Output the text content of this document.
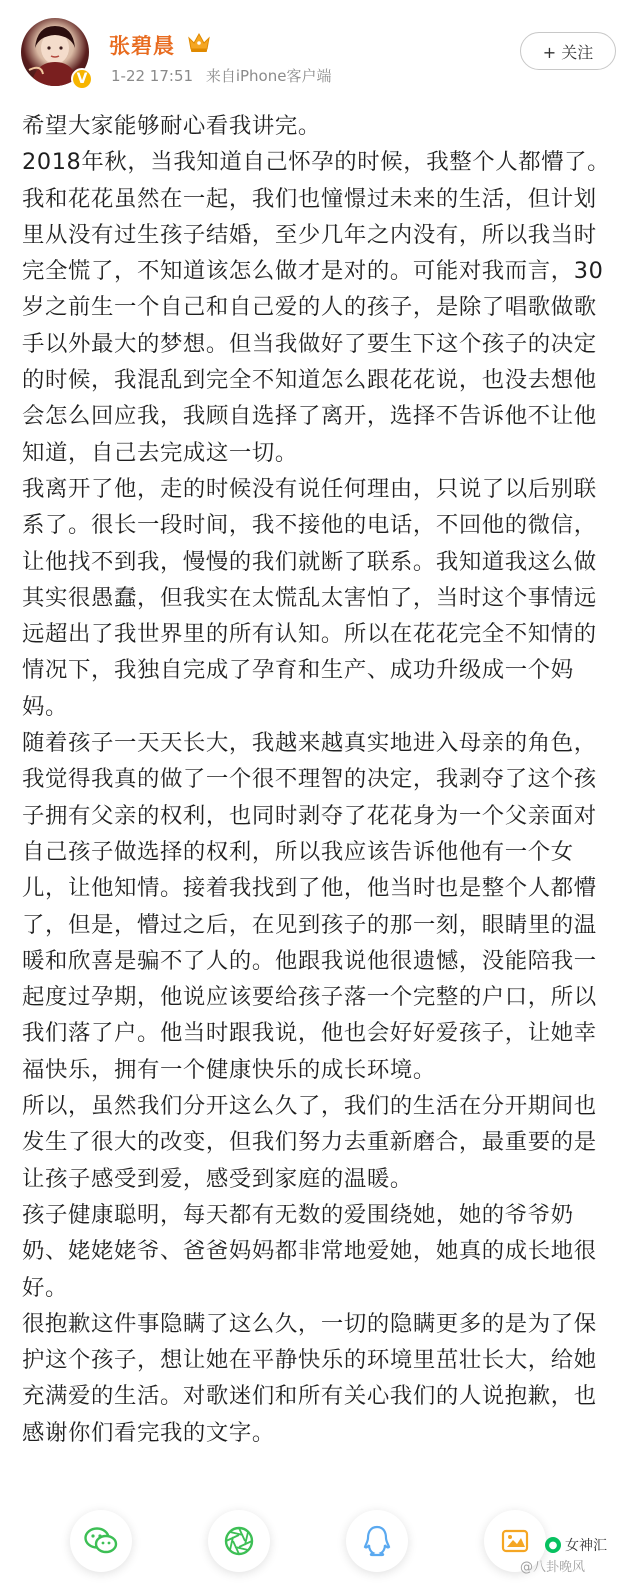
V
张碧晨
1-22 17:51 来自iPhone客户端
+ 关注

希望大家能够耐心看我讲完。

2018年秋，当我知道自己怀孕的时候，我整个人都懵了。我和花花虽然在一起，我们也憧憬过未来的生活，但计划里从没有过生孩子结婚，至少几年之内没有，所以我当时完全慌了，不知道该怎么做才是对的。可能对我而言，30岁之前生一个自己和自己爱的人的孩子，是除了唱歌做歌手以外最大的梦想。但当我做好了要生下这个孩子的决定的时候，我混乱到完全不知道怎么跟花花说，也没去想他会怎么回应我，我顾自选择了离开，选择不告诉他不让他知道，自己去完成这一切。

我离开了他，走的时候没有说任何理由，只说了以后别联系了。很长一段时间，我不接他的电话，不回他的微信，让他找不到我，慢慢的我们就断了联系。我知道我这么做其实很愚蠢，但我实在太慌乱太害怕了，当时这个事情远远超出了我世界里的所有认知。所以在花花完全不知情的情况下，我独自完成了孕育和生产、成功升级成一个妈妈。

随着孩子一天天长大，我越来越真实地进入母亲的角色，我觉得我真的做了一个很不理智的决定，我剥夺了这个孩子拥有父亲的权利，也同时剥夺了花花身为一个父亲面对自己孩子做选择的权利，所以我应该告诉他他有一个女儿，让他知情。接着我找到了他，他当时也是整个人都懵了，但是，懵过之后，在见到孩子的那一刻，眼睛里的温暖和欣喜是骗不了人的。他跟我说他很遗憾，没能陪我一起度过孕期，他说应该要给孩子落一个完整的户口，所以我们落了户。他当时跟我说，他也会好好爱孩子，让她幸福快乐，拥有一个健康快乐的成长环境。

所以，虽然我们分开这么久了，我们的生活在分开期间也发生了很大的改变，但我们努力去重新磨合，最重要的是让孩子感受到爱，感受到家庭的温暖。

孩子健康聪明，每天都有无数的爱围绕她，她的爷爷奶奶、姥姥姥爷、爸爸妈妈都非常地爱她，她真的成长地很好。

很抱歉这件事隐瞒了这么久，一切的隐瞒更多的是为了保护这个孩子，想让她在平静快乐的环境里茁壮长大，给她充满爱的生活。对歌迷们和所有关心我们的人说抱歉，也感谢你们看完我的文字。

● 女神汇
@八卦晚风
